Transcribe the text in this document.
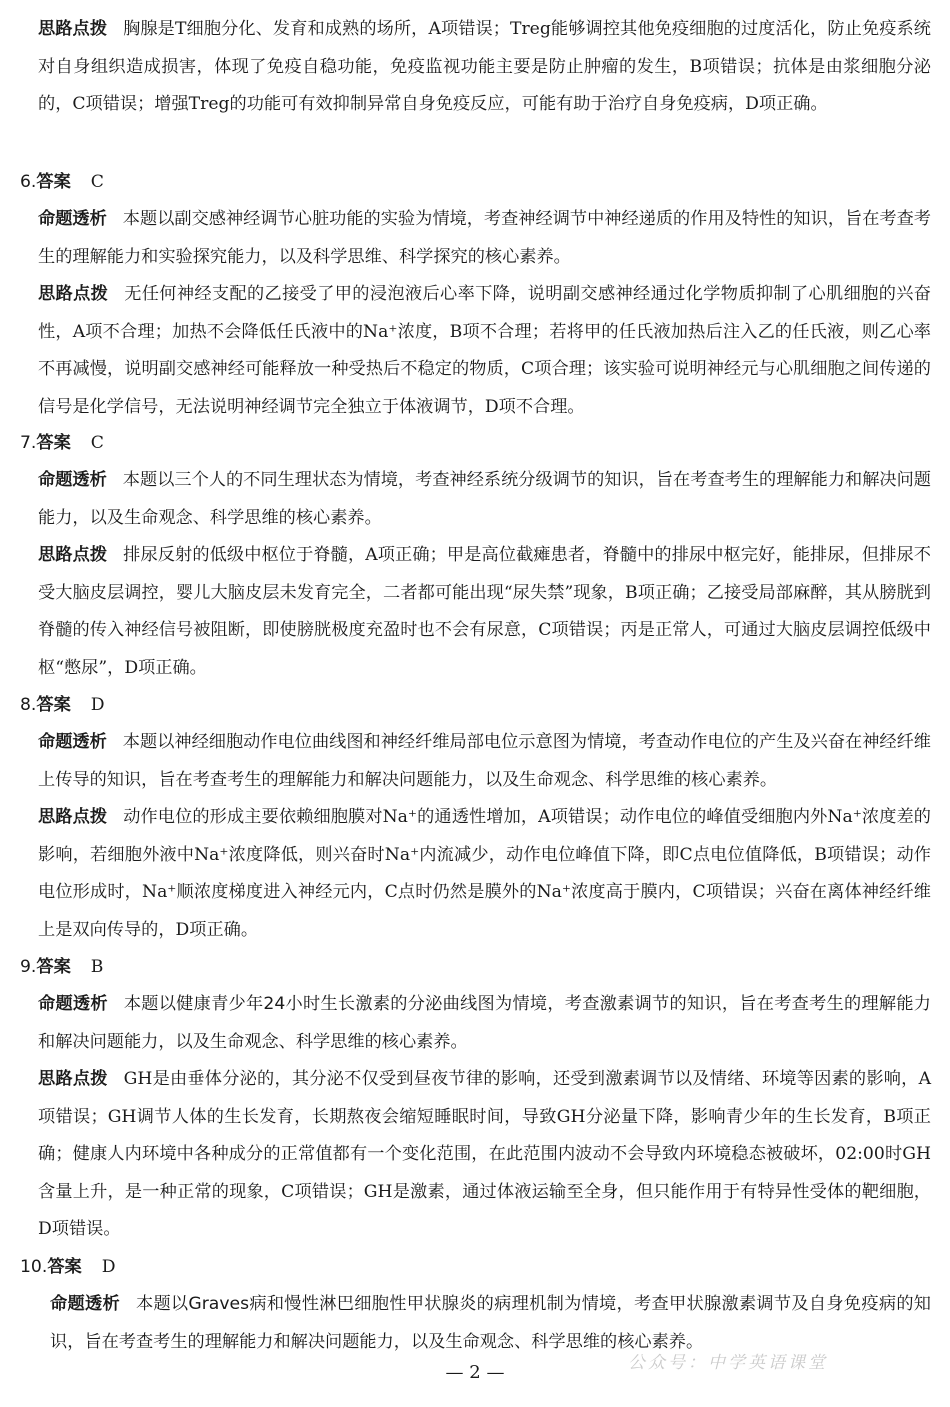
思路点拨 胸腺是T细胞分化、发育和成熟的场所，A项错误；Treg能够调控其他免疫细胞的过度活化，防止免疫系统对自身组织造成损害，体现了免疫自稳功能，免疫监视功能主要是防止肿瘤的发生，B项错误；抗体是由浆细胞分泌的，C项错误；增强Treg的功能可有效抑制异常自身免疫反应，可能有助于治疗自身免疫病，D项正确。

6.答案 C

命题透析 本题以副交感神经调节心脏功能的实验为情境，考查神经调节中神经递质的作用及特性的知识，旨在考查考生的理解能力和实验探究能力，以及科学思维、科学探究的核心素养。

思路点拨 无任何神经支配的乙接受了甲的浸泡液后心率下降，说明副交感神经通过化学物质抑制了心肌细胞的兴奋性，A项不合理；加热不会降低任氏液中的Na⁺浓度，B项不合理；若将甲的任氏液加热后注入乙的任氏液，则乙心率不再减慢，说明副交感神经可能释放一种受热后不稳定的物质，C项合理；该实验可说明神经元与心肌细胞之间传递的信号是化学信号，无法说明神经调节完全独立于体液调节，D项不合理。

7.答案 C

命题透析 本题以三个人的不同生理状态为情境，考查神经系统分级调节的知识，旨在考查考生的理解能力和解决问题能力，以及生命观念、科学思维的核心素养。

思路点拨 排尿反射的低级中枢位于脊髓，A项正确；甲是高位截瘫患者，脊髓中的排尿中枢完好，能排尿，但排尿不受大脑皮层调控，婴儿大脑皮层未发育完全，二者都可能出现“尿失禁”现象，B项正确；乙接受局部麻醉，其从膀胱到脊髓的传入神经信号被阻断，即使膀胱极度充盈时也不会有尿意，C项错误；丙是正常人，可通过大脑皮层调控低级中枢“憋尿”，D项正确。

8.答案 D

命题透析 本题以神经细胞动作电位曲线图和神经纤维局部电位示意图为情境，考查动作电位的产生及兴奋在神经纤维上传导的知识，旨在考查考生的理解能力和解决问题能力，以及生命观念、科学思维的核心素养。

思路点拨 动作电位的形成主要依赖细胞膜对Na⁺的通透性增加，A项错误；动作电位的峰值受细胞内外Na⁺浓度差的影响，若细胞外液中Na⁺浓度降低，则兴奋时Na⁺内流减少，动作电位峰值下降，即C点电位值降低，B项错误；动作电位形成时，Na⁺顺浓度梯度进入神经元内，C点时仍然是膜外的Na⁺浓度高于膜内，C项错误；兴奋在离体神经纤维上是双向传导的，D项正确。

9.答案 B

命题透析 本题以健康青少年24小时生长激素的分泌曲线图为情境，考查激素调节的知识，旨在考查考生的理解能力和解决问题能力，以及生命观念、科学思维的核心素养。

思路点拨 GH是由垂体分泌的，其分泌不仅受到昼夜节律的影响，还受到激素调节以及情绪、环境等因素的影响，A项错误；GH调节人体的生长发育，长期熬夜会缩短睡眠时间，导致GH分泌量下降，影响青少年的生长发育，B项正确；健康人内环境中各种成分的正常值都有一个变化范围，在此范围内波动不会导致内环境稳态被破坏，02:00时GH含量上升，是一种正常的现象，C项错误；GH是激素，通过体液运输至全身，但只能作用于有特异性受体的靶细胞，D项错误。

10.答案 D

命题透析 本题以Graves病和慢性淋巴细胞性甲状腺炎的病理机制为情境，考查甲状腺激素调节及自身免疫病的知识，旨在考查考生的理解能力和解决问题能力，以及生命观念、科学思维的核心素养。

公众号：中学英语课堂
— 2 —
